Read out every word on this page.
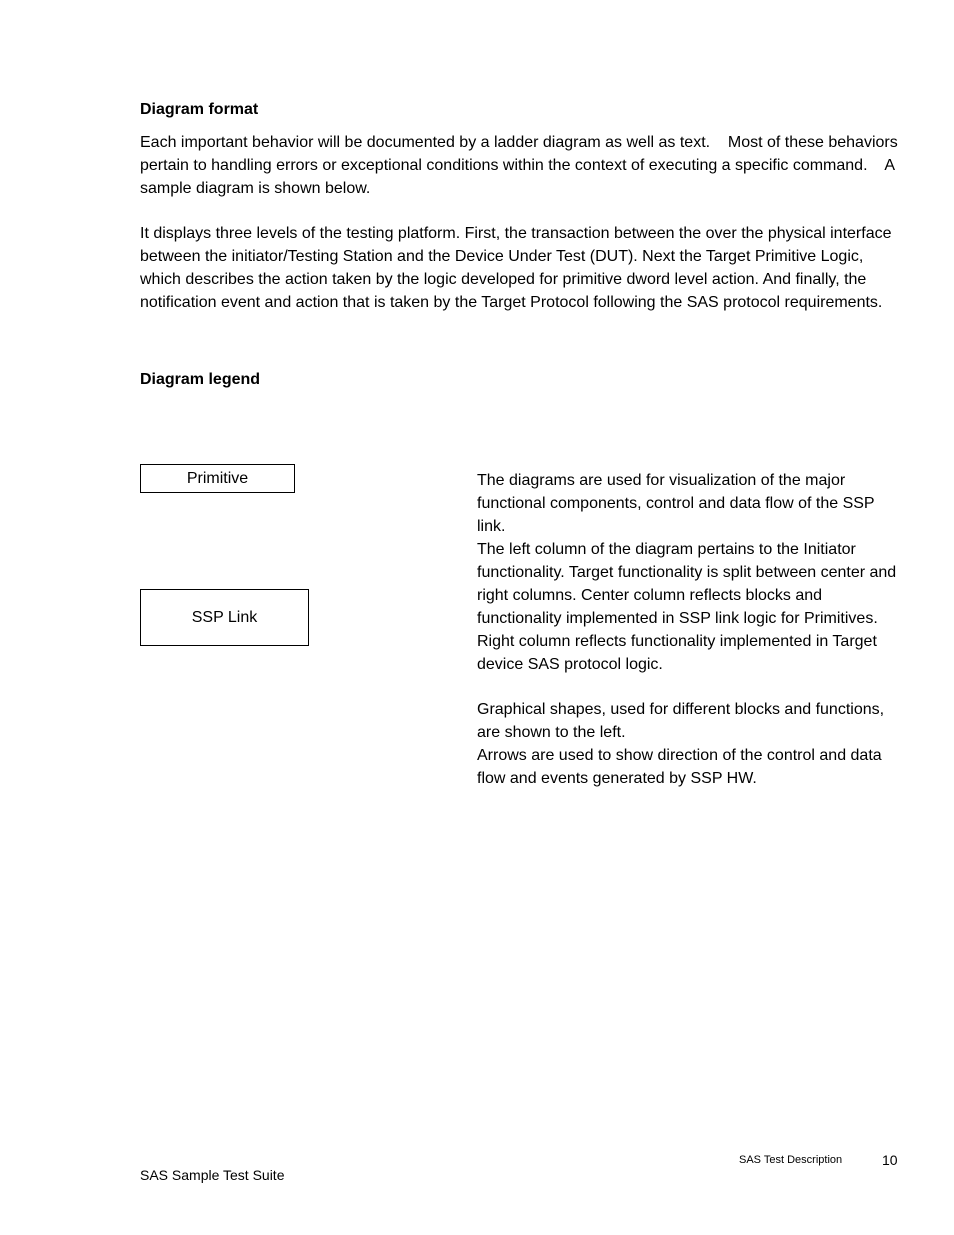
Diagram format
Each important behavior will be documented by a ladder diagram as well as text.    Most of these behaviors pertain to handling errors or exceptional conditions within the context of executing a specific command.    A sample diagram is shown below.
It displays three levels of the testing platform. First, the transaction between the over the physical interface between the initiator/Testing Station and the Device Under Test (DUT). Next the Target Primitive Logic, which describes the action taken by the logic developed for primitive dword level action. And finally, the notification event and action that is taken by the Target Protocol following the SAS protocol requirements.
Diagram legend
Primitive
SSP Link
The diagrams are used for visualization of the major functional components, control and data flow of the SSP link.
The left column of the diagram pertains to the Initiator functionality. Target functionality is split between center and right columns. Center column reflects blocks and functionality implemented in SSP link logic for Primitives. Right column reflects functionality implemented in Target device SAS protocol logic.
Graphical shapes, used for different blocks and functions, are shown to the left.
Arrows are used to show direction of the control and data flow and events generated by SSP HW.
SAS Test Description	10
SAS Sample Test Suite
